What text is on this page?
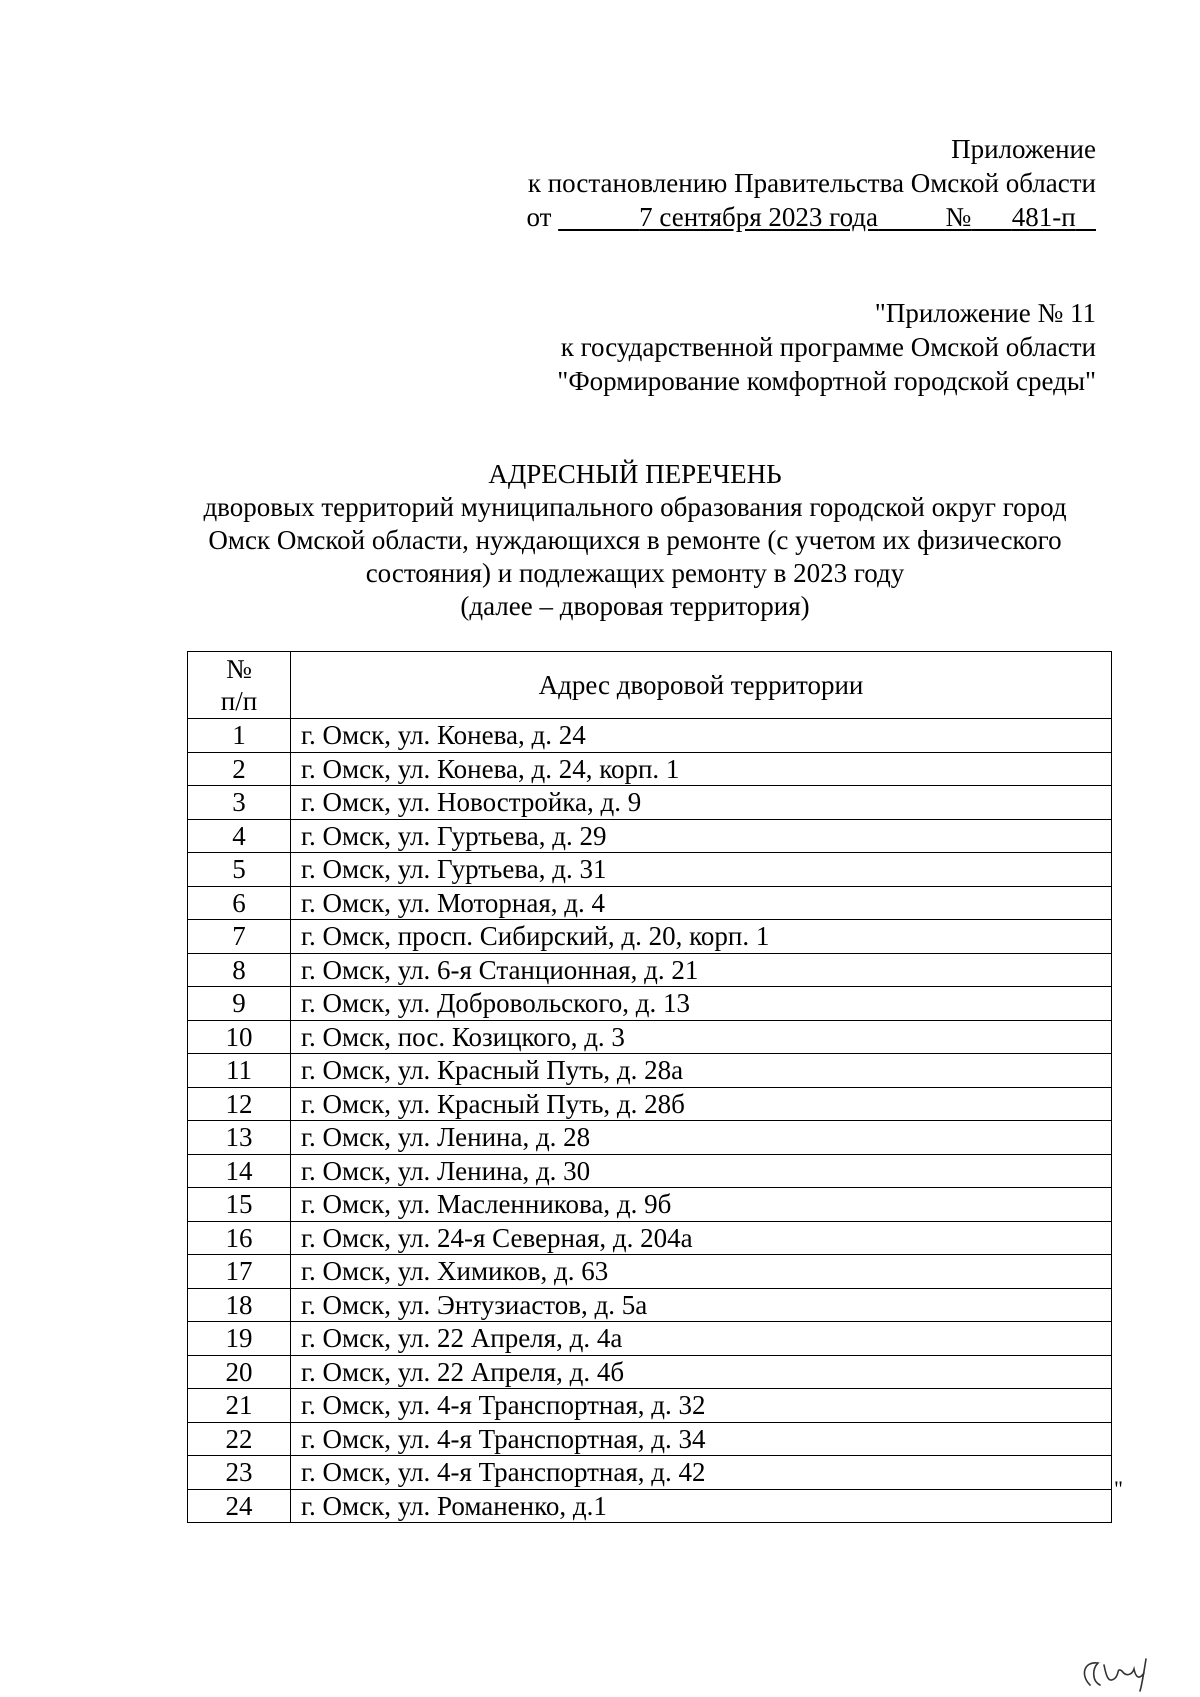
Приложение
к постановлению Правительства Омской области
от	7 сентября 2023 года	№ 481-п
"Приложение № 11
к государственной программе Омской области
"Формирование комфортной городской среды"
АДРЕСНЫЙ ПЕРЕЧЕНЬ
дворовых территорий муниципального образования городской округ город
Омск Омской области, нуждающихся в ремонте (с учетом их физического
состояния) и подлежащих ремонту в 2023 году
(далее – дворовая территория)
№
п/п	Адрес дворовой территории
1	г. Омск, ул. Конева, д. 24
2	г. Омск, ул. Конева, д. 24, корп. 1
3	г. Омск, ул. Новостройка, д. 9
4	г. Омск, ул. Гуртьева, д. 29
5	г. Омск, ул. Гуртьева, д. 31
6	г. Омск, ул. Моторная, д. 4
7	г. Омск, просп. Сибирский, д. 20, корп. 1
8	г. Омск, ул. 6-я Станционная, д. 21
9	г. Омск, ул. Добровольского, д. 13
10	г. Омск, пос. Козицкого, д. 3
11	г. Омск, ул. Красный Путь, д. 28а
12	г. Омск, ул. Красный Путь, д. 28б
13	г. Омск, ул. Ленина, д. 28
14	г. Омск, ул. Ленина, д. 30
15	г. Омск, ул. Масленникова, д. 9б
16	г. Омск, ул. 24-я Северная, д. 204а
17	г. Омск, ул. Химиков, д. 63
18	г. Омск, ул. Энтузиастов, д. 5а
19	г. Омск, ул. 22 Апреля, д. 4а
20	г. Омск, ул. 22 Апреля, д. 4б
21	г. Омск, ул. 4-я Транспортная, д. 32
22	г. Омск, ул. 4-я Транспортная, д. 34
23	г. Омск, ул. 4-я Транспортная, д. 42
24	г. Омск, ул. Романенко, д.1
"
